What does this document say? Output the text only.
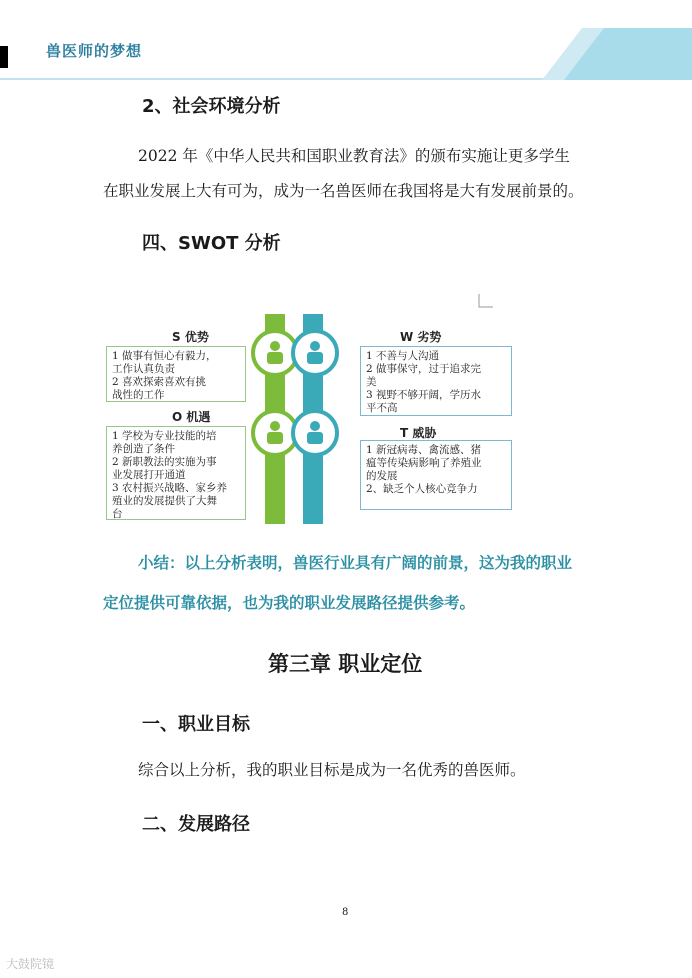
兽医师的梦想
2、社会环境分析
2022 年《中华人民共和国职业教育法》的颁布实施让更多学生
在职业发展上大有可为，成为一名兽医师在我国将是大有发展前景的。
四、SWOT 分析
S 优势
1 做事有恒心有毅力，
工作认真负责
2 喜欢探索喜欢有挑
战性的工作
W 劣势
1 不善与人沟通
2 做事保守，过于追求完
美
3 视野不够开阔，学历水
平不高
O 机遇
1 学校为专业技能的培
养创造了条件
2 新职教法的实施为事
业发展打开通道
3 农村振兴战略、家乡养
殖业的发展提供了大舞
台
T 威胁
1 新冠病毒、禽流感、猪
瘟等传染病影响了养殖业
的发展
2、缺乏个人核心竞争力
小结：以上分析表明，兽医行业具有广阔的前景，这为我的职业
定位提供可靠依据，也为我的职业发展路径提供参考。
第三章 职业定位
一、职业目标
综合以上分析，我的职业目标是成为一名优秀的兽医师。
二、发展路径
8
大鼓院镜
